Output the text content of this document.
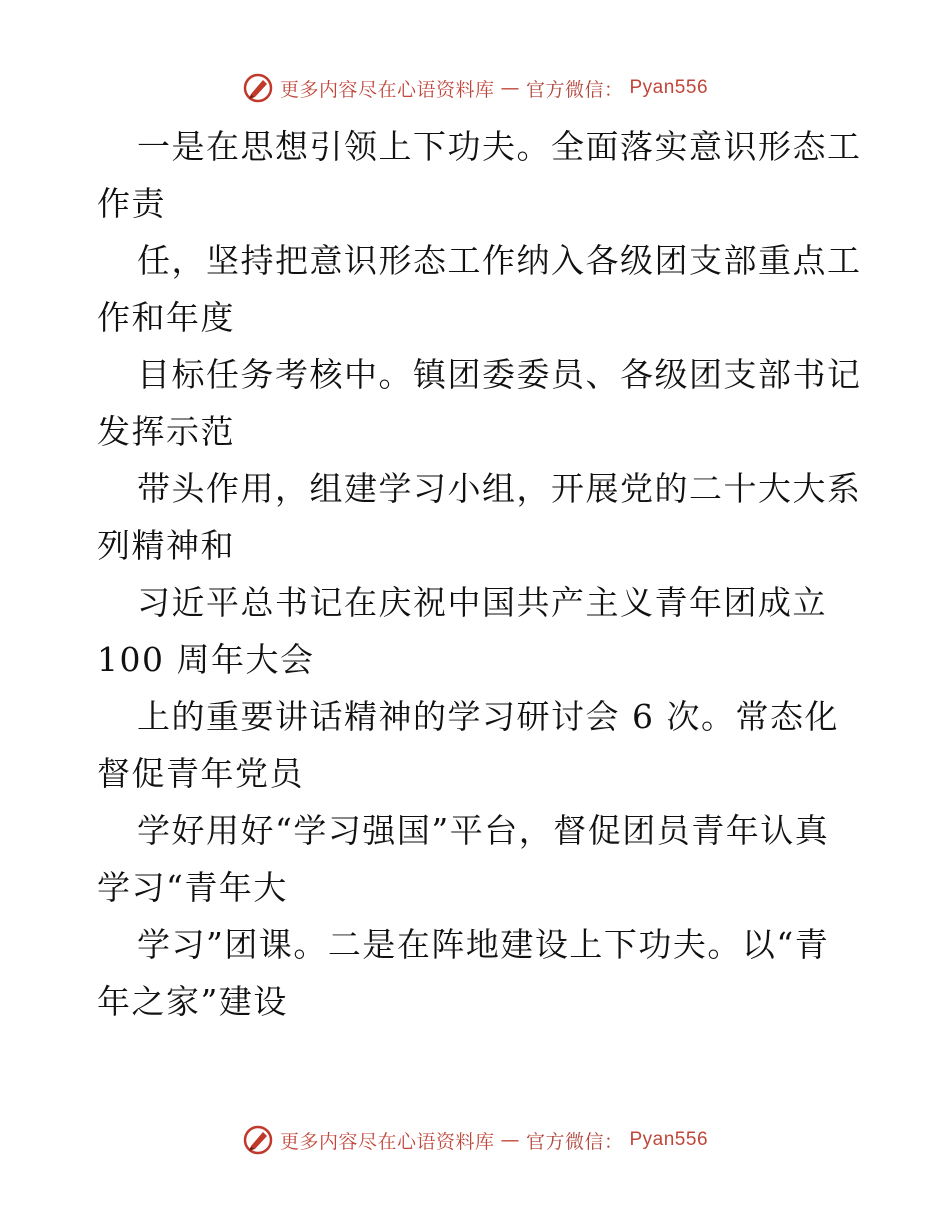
更多内容尽在心语资料库 — 官方微信： Pyan556
一是在思想引领上下功夫。全面落实意识形态工
作责
任，坚持把意识形态工作纳入各级团支部重点工
作和年度
目标任务考核中。镇团委委员、各级团支部书记
发挥示范
带头作用，组建学习小组，开展党的二十大大系
列精神和
习近平总书记在庆祝中国共产主义青年团成立
100 周年大会
上的重要讲话精神的学习研讨会 6 次。常态化
督促青年党员
学好用好“学习强国”平台，督促团员青年认真
学习“青年大
学习”团课。二是在阵地建设上下功夫。以“青
年之家”建设
更多内容尽在心语资料库 — 官方微信： Pyan556
